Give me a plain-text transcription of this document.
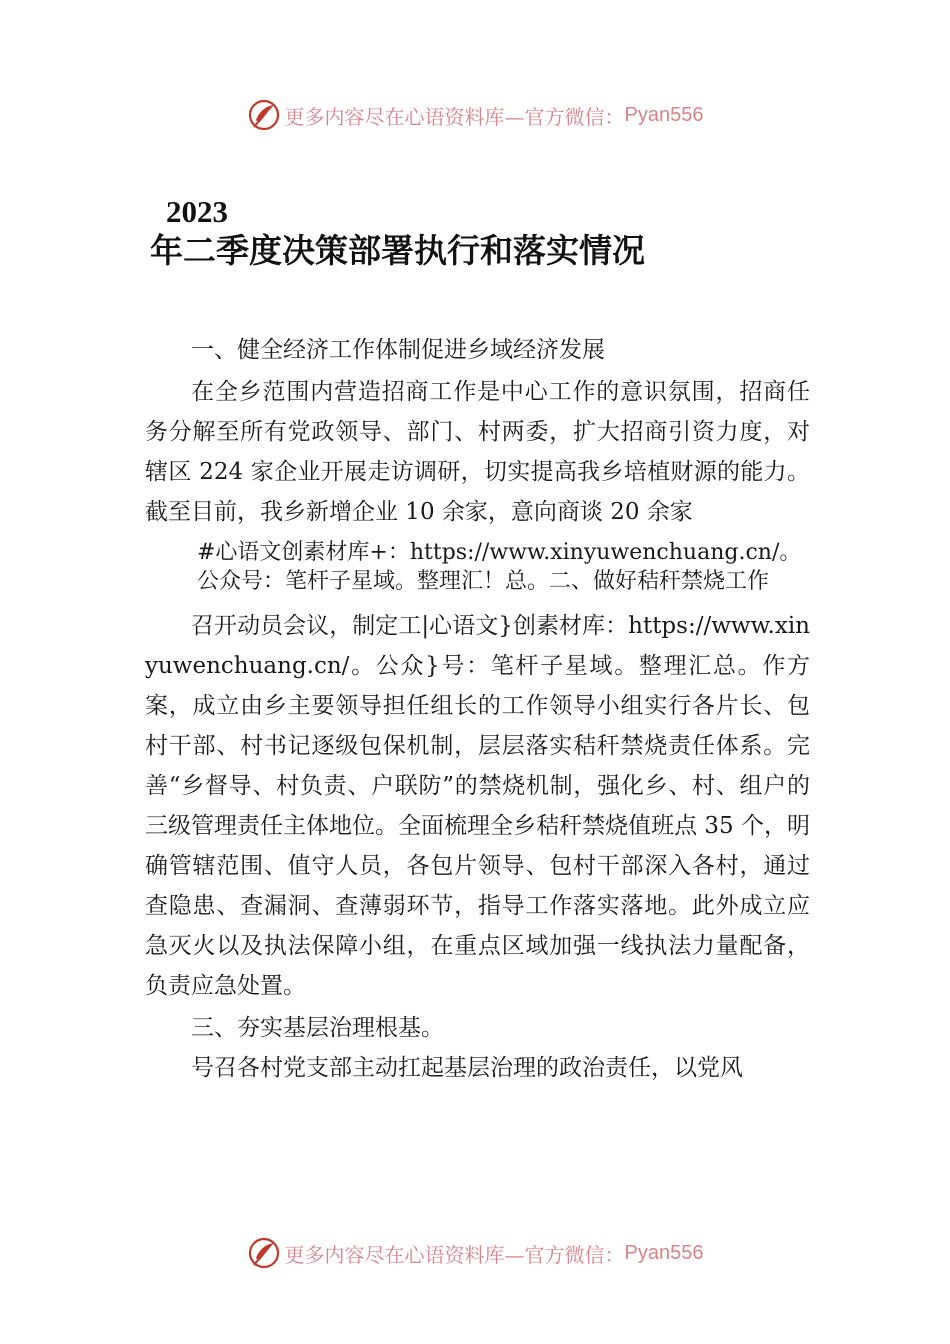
更多内容尽在心语资料库—官方微信： Pyan556
2023
年二季度决策部署执行和落实情况

一、健全经济工作体制促进乡域经济发展

在全乡范围内营造招商工作是中心工作的意识氛围，招商任务分解至所有党政领导、部门、村两委，扩大招商引资力度，对辖区 224 家企业开展走访调研，切实提高我乡培植财源的能力。截至目前，我乡新增企业 10 余家，意向商谈 20 余家

#心语文创素材库+：https://www.xinyuwenchuang.cn/。公众号：笔杆子星域。整理汇！总。二、做好秸秆禁烧工作

召开动员会议，制定工|心语文}创素材库：https://www.xinyuwenchuang.cn/。公众}号：笔杆子星域。整理汇总。作方案，成立由乡主要领导担任组长的工作领导小组实行各片长、包村干部、村书记逐级包保机制，层层落实秸秆禁烧责任体系。完善“乡督导、村负责、户联防”的禁烧机制，强化乡、村、组户的三级管理责任主体地位。全面梳理全乡秸秆禁烧值班点 35 个，明确管辖范围、值守人员，各包片领导、包村干部深入各村，通过查隐患、查漏洞、查薄弱环节，指导工作落实落地。此外成立应急灭火以及执法保障小组，在重点区域加强一线执法力量配备，负责应急处置。

三、夯实基层治理根基。

号召各村党支部主动扛起基层治理的政治责任，以党风

更多内容尽在心语资料库—官方微信： Pyan556
